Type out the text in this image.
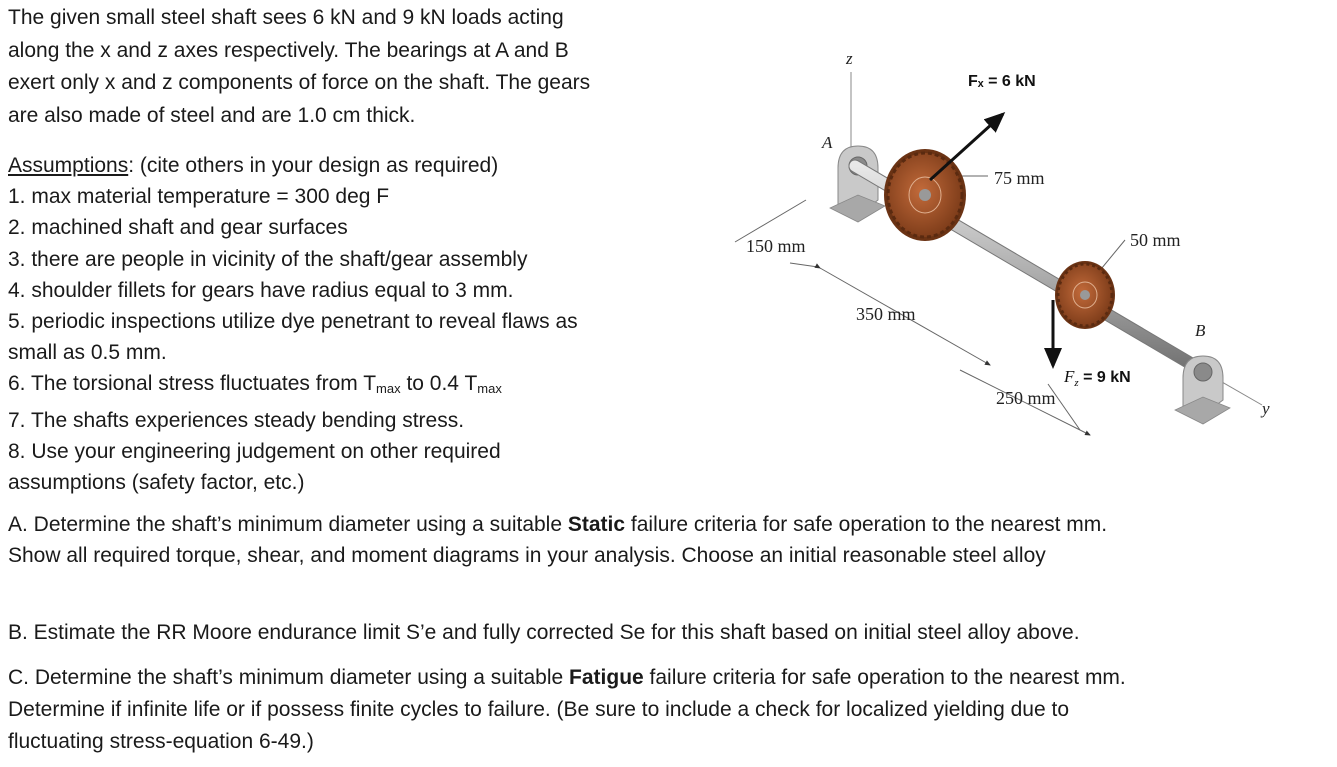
The given small steel shaft sees 6 kN and 9 kN loads acting

along the x and z axes respectively. The bearings at A and B

exert only x and z components of force on the shaft. The gears

are also made of steel and are 1.0 cm thick.

Assumptions: (cite others in your design as required)
1. max material temperature = 300 deg F
2. machined shaft and gear surfaces
3. there are people in vicinity of the shaft/gear assembly
4. shoulder fillets for gears have radius equal to 3 mm.
5. periodic inspections utilize dye penetrant to reveal flaws as
small as 0.5 mm.
6. The torsional stress fluctuates from $T_{max}$ to 0.4 $T_{max}$
7. The shafts experiences steady bending stress.
8. Use your engineering judgement on other required
assumptions (safety factor, etc.)

A. Determine the shaft’s minimum diameter using a suitable Static failure criteria for safe operation to the nearest mm.

Show all required torque, shear, and moment diagrams in your analysis. Choose an initial reasonable steel alloy

B. Estimate the RR Moore endurance limit S’e and fully corrected Se for this shaft based on initial steel alloy above.

C. Determine the shaft’s minimum diameter using a suitable Fatigue failure criteria for safe operation to the nearest mm.

Determine if infinite life or if possess finite cycles to failure. (Be sure to include a check for localized yielding due to

fluctuating stress-equation 6-49.)

z
y
A
Fₓ = 6 kN
75 mm
50 mm
$F_z = 9$ kN
B
150 mm
350 mm
250 mm
